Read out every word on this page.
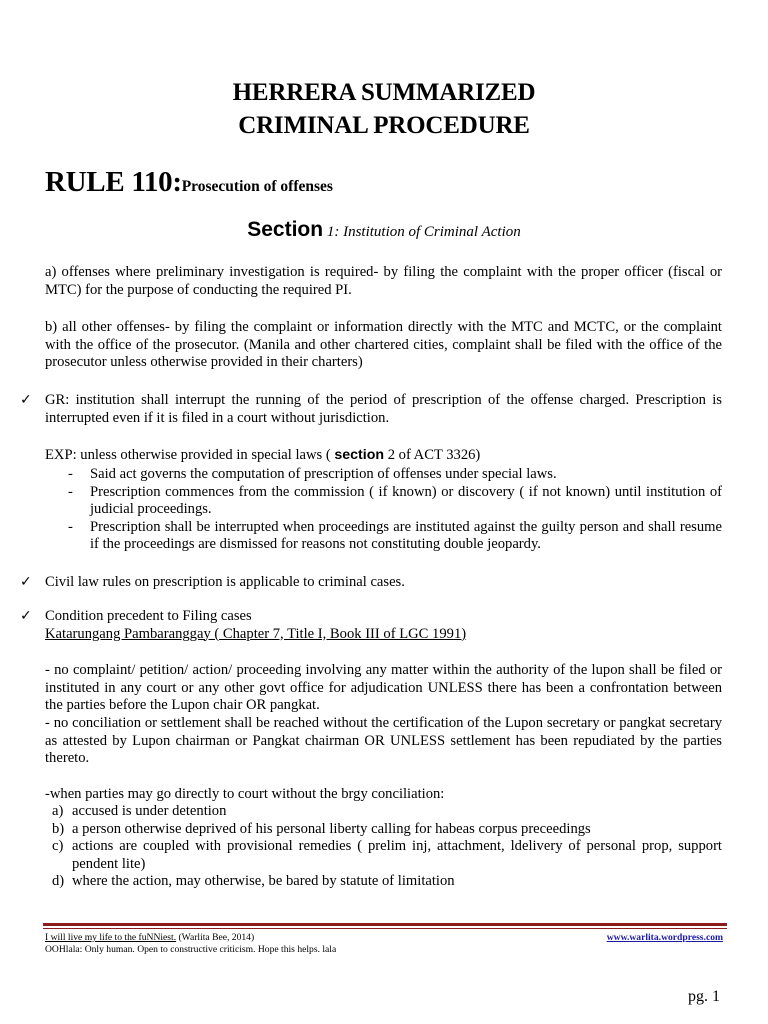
HERRERA SUMMARIZED
CRIMINAL PROCEDURE
RULE 110:Prosecution of offenses
Section 1: Institution of Criminal Action
a) offenses where preliminary investigation is required- by filing the complaint with the proper officer (fiscal or MTC) for the purpose of conducting the required PI.
b) all other offenses- by filing the complaint or information directly with the MTC and MCTC, or the complaint with the office of the prosecutor. (Manila and other chartered cities, complaint shall be filed with the office of the prosecutor unless otherwise provided in their charters)
✓ GR: institution shall interrupt the running of the period of prescription of the offense charged. Prescription is interrupted even if it is filed in a court without jurisdiction.
EXP: unless otherwise provided in special laws ( section 2 of ACT 3326)
- Said act governs the computation of prescription of offenses under special laws.
- Prescription commences from the commission ( if known) or discovery ( if not known) until institution of judicial proceedings.
- Prescription shall be interrupted when proceedings are instituted against the guilty person and shall resume if the proceedings are dismissed for reasons not constituting double jeopardy.
✓ Civil law rules on prescription is applicable to criminal cases.
✓ Condition precedent to Filing cases
Katarungang Pambaranggay ( Chapter 7, Title I, Book III of LGC 1991)
- no complaint/ petition/ action/ proceeding involving any matter within the authority of the lupon shall be filed or instituted in any court or any other govt office for adjudication UNLESS there has been a confrontation between the parties before the Lupon chair OR pangkat.
- no conciliation or settlement shall be reached without the certification of the Lupon secretary or pangkat secretary as attested by Lupon chairman or Pangkat chairman OR UNLESS settlement has been repudiated by the parties thereto.
-when parties may go directly to court without the brgy conciliation:
a) accused is under detention
b) a person otherwise deprived of his personal liberty calling for habeas corpus preceedings
c) actions are coupled with provisional remedies ( prelim inj, attachment, ldelivery of personal prop, support pendent lite)
d) where the action, may otherwise, be bared by statute of limitation
I will live my life to the fuNNiest. (Warlita Bee, 2014)
OOHlala: Only human. Open to constructive criticism. Hope this helps. lala
www.warlita.wordpress.com
pg. 1
